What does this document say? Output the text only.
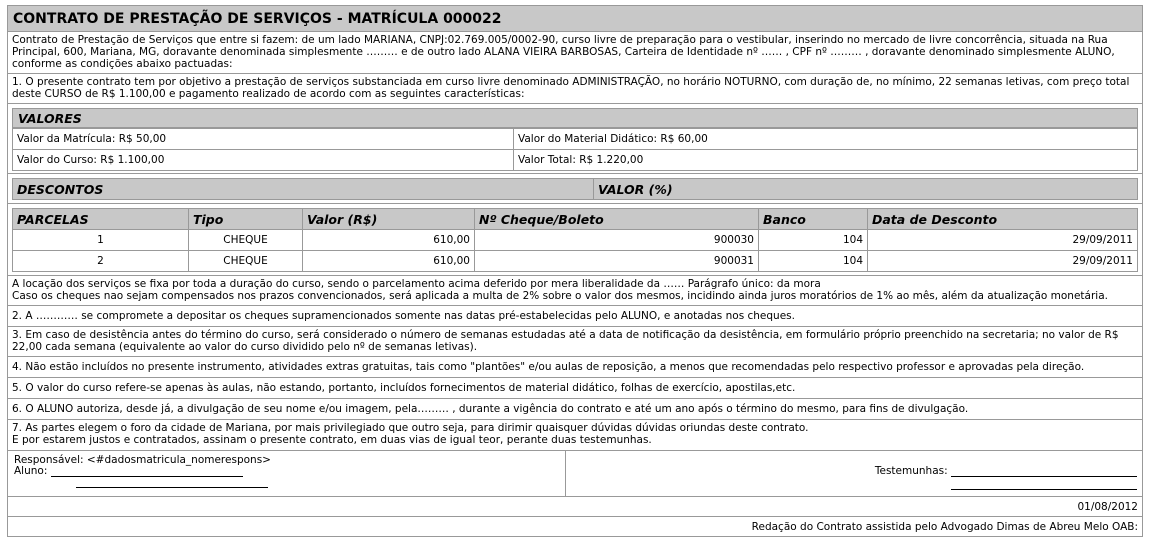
CONTRATO DE PRESTAÇÃO DE SERVIÇOS - MATRÍCULA 000022
Contrato de Prestação de Serviços que entre si fazem: de um lado MARIANA, CNPJ:02.769.005/0002-90, curso livre de preparação para o vestibular, inserindo no mercado de livre concorrência, situada na Rua Principal, 600, Mariana, MG, doravante denominada simplesmente ……… e de outro lado ALANA VIEIRA BARBOSAS, Carteira de Identidade nº …… , CPF nº ……… , doravante denominado simplesmente ALUNO, conforme as condições abaixo pactuadas:
1. O presente contrato tem por objetivo a prestação de serviços substanciada em curso livre denominado ADMINISTRAÇÃO, no horário NOTURNO, com duração de, no mínimo, 22 semanas letivas, com preço total deste CURSO de R$ 1.100,00 e pagamento realizado de acordo com as seguintes características:
VALORES
Valor da Matrícula: R$ 50,00	Valor do Material Didático: R$ 60,00
Valor do Curso: R$ 1.100,00	Valor Total: R$ 1.220,00
DESCONTOS	VALOR (%)
PARCELAS	Tipo	Valor (R$)	Nº Cheque/Boleto	Banco	Data de Desconto
1	CHEQUE	610,00	900030	104	29/09/2011
2	CHEQUE	610,00	900031	104	29/09/2011
A locação dos serviços se fixa por toda a duração do curso, sendo o parcelamento acima deferido por mera liberalidade da …… Parágrafo único: da mora
Caso os cheques nao sejam compensados nos prazos convencionados, será aplicada a multa de 2% sobre o valor dos mesmos, incidindo ainda juros moratórios de 1% ao mês, além da atualização monetária.
2. A ………… se compromete a depositar os cheques supramencionados somente nas datas pré-estabelecidas pelo ALUNO, e anotadas nos cheques.
3. Em caso de desistência antes do término do curso, será considerado o número de semanas estudadas até a data de notificação da desistência, em formulário próprio preenchido na secretaria; no valor de R$ 22,00 cada semana (equivalente ao valor do curso dividido pelo nº de semanas letivas).
4. Não estão incluídos no presente instrumento, atividades extras gratuitas, tais como "plantões" e/ou aulas de reposição, a menos que recomendadas pelo respectivo professor e aprovadas pela direção.
5. O valor do curso refere-se apenas às aulas, não estando, portanto, incluídos fornecimentos de material didático, folhas de exercício, apostilas,etc.
6. O ALUNO autoriza, desde já, a divulgação de seu nome e/ou imagem, pela……… , durante a vigência do contrato e até um ano após o término do mesmo, para fins de divulgação.
7. As partes elegem o foro da cidade de Mariana, por mais privilegiado que outro seja, para dirimir quaisquer dúvidas dúvidas oriundas deste contrato.
E por estarem justos e contratados, assinam o presente contrato, em duas vias de igual teor, perante duas testemunhas.
Responsável: <#dadosmatricula_nomerespons>
Aluno:	Testemunhas:
01/08/2012
Redação do Contrato assistida pelo Advogado Dimas de Abreu Melo OAB:
